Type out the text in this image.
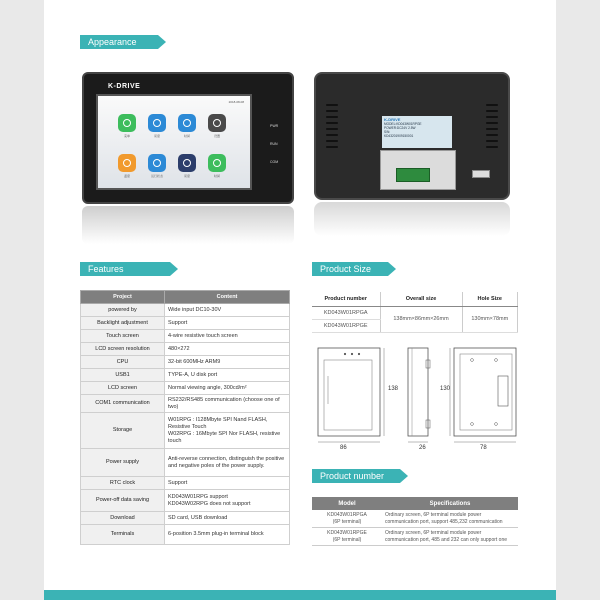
Appearance
K-DRIVE
2018-08-08
菜单	亮度	时间	设置
温度	运行状态	亮度	时间
PWR
RUN
COM
K-DRIVE
MODEL:KD043W01RPGE
POWER:DC24V 2.5W
S/N:
KD43201909150001
Features
Project	Content
powered by	Wide input DC10-30V

Backlight adjustment	Support

Touch screen	4-wire resistive touch screen

LCD screen resolution	480×272

CPU	32-bit 600MHz ARM9

USB1	TYPE-A, U disk port

LCD screen	Normal viewing angle, 300cd/m²

COM1 communication	RS232/RS485 communication (choose one of two)

Storage	W01RPG : I128Mbyte SPI Nand FLASH, Resistive Touch
W02RPG : 16Mbyte SPI Nor FLASH, resistive touch

Power supply	Anti-reverse connection, distinguish the positive and negative poles of the power supply.

RTC clock	Support

Power-off data saving	KD043W01RPG support
KD043W02RPG does not support

Download	SD card, USB download

Terminals	6-position 3.5mm plug-in terminal block
Product Size
Product number	Overall size	Hole Size
KD043W01RPGA	138mm×86mm×26mm	130mm×78mm
KD043W01RPGE		
138
86	26
130
78
Product number
Model	Specifications

KD043W01RPGA
(6P terminal)	Ordinary screen, 6P terminal module power communication port, support 485,232 communication

KD043W01RPGE
(6P terminal)	Ordinary screen, 6P terminal module power communication port, 485 and 232 can only support one
